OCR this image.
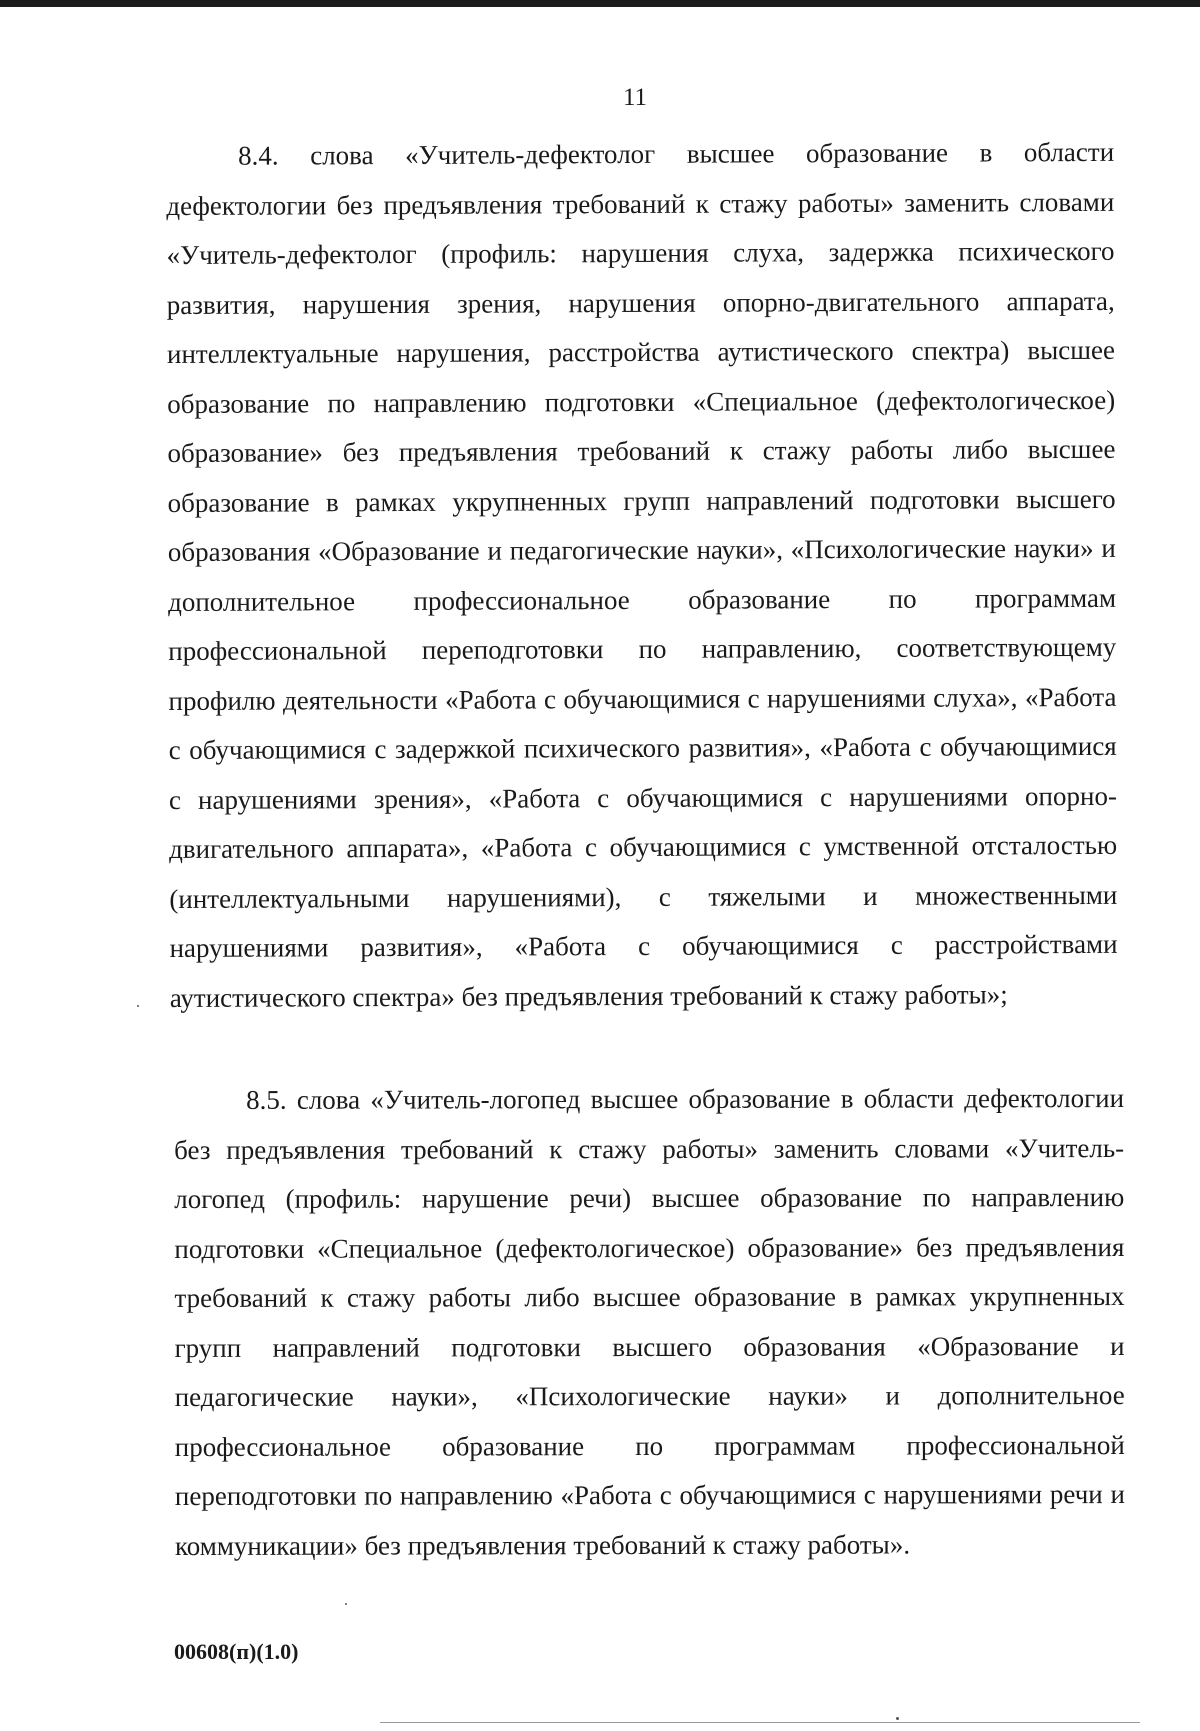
11

8.4. слова «Учитель-дефектолог высшее образование в области дефектологии без предъявления требований к стажу работы» заменить словами «Учитель-дефектолог (профиль: нарушения слуха, задержка психического развития, нарушения зрения, нарушения опорно-двигательного аппарата, интеллектуальные нарушения, расстройства аутистического спектра) высшее образование по направлению подготовки «Специальное (дефектологическое) образование» без предъявления требований к стажу работы либо высшее образование в рамках укрупненных групп направлений подготовки высшего образования «Образование и педагогические науки», «Психологические науки» и дополнительное профессиональное образование по программам профессиональной переподготовки по направлению, соответствующему профилю деятельности «Работа с обучающимися с нарушениями слуха», «Работа с обучающимися с задержкой психического развития», «Работа с обучающимися с нарушениями зрения», «Работа с обучающимися с нарушениями опорно-двигательного аппарата», «Работа с обучающимися с умственной отсталостью (интеллектуальными нарушениями), с тяжелыми и множественными нарушениями развития», «Работа с обучающимися с расстройствами аутистического спектра» без предъявления требований к стажу работы»;

8.5. слова «Учитель-логопед высшее образование в области дефектологии без предъявления требований к стажу работы» заменить словами «Учитель-логопед (профиль: нарушение речи) высшее образование по направлению подготовки «Специальное (дефектологическое) образование» без предъявления требований к стажу работы либо высшее образование в рамках укрупненных групп направлений подготовки высшего образования «Образование и педагогические науки», «Психологические науки» и дополнительное профессиональное образование по программам профессиональной переподготовки по направлению «Работа с обучающимися с нарушениями речи и коммуникации» без предъявления требований к стажу работы».

00608(п)(1.0)
